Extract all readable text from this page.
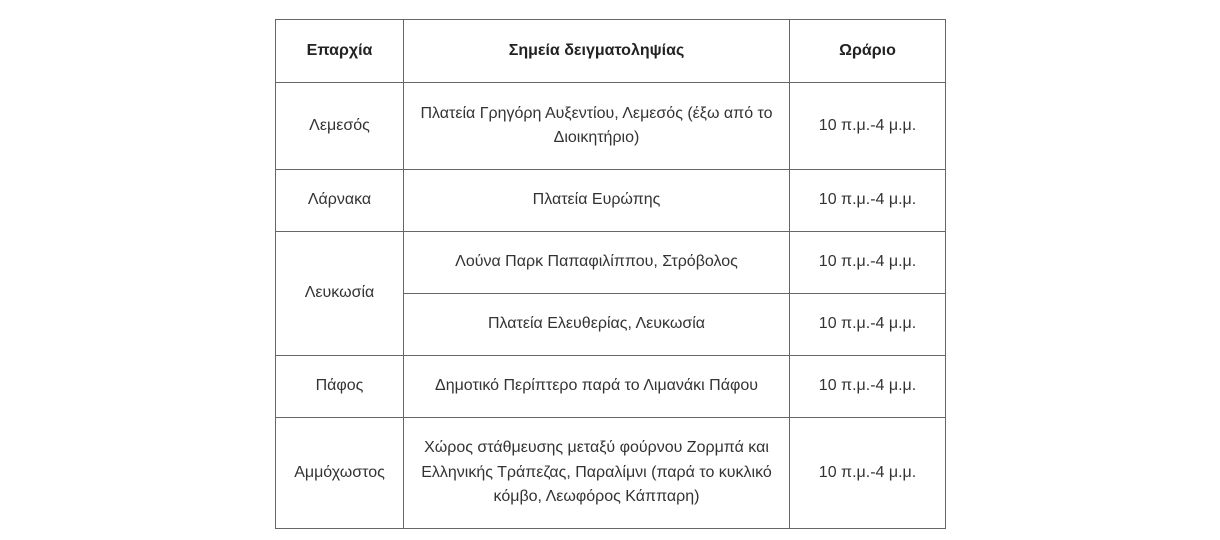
Επαρχία	Σημεία δειγματοληψίας	Ωράριο
Λεμεσός	Πλατεία Γρηγόρη Αυξεντίου, Λεμεσός (έξω από το Διοικητήριο)	10 π.μ.-4 μ.μ.
Λάρνακα	Πλατεία Ευρώπης	10 π.μ.-4 μ.μ.
Λευκωσία	Λούνα Παρκ Παπαφιλίππου, Στρόβολος	10 π.μ.-4 μ.μ.
	Πλατεία Ελευθερίας, Λευκωσία	10 π.μ.-4 μ.μ.
Πάφος	Δημοτικό Περίπτερο παρά το Λιμανάκι Πάφου	10 π.μ.-4 μ.μ.
Αμμόχωστος	Χώρος στάθμευσης μεταξύ φούρνου Ζορμπά και Ελληνικής Τράπεζας, Παραλίμνι (παρά το κυκλικό κόμβο, Λεωφόρος Κάππαρη)	10 π.μ.-4 μ.μ.
